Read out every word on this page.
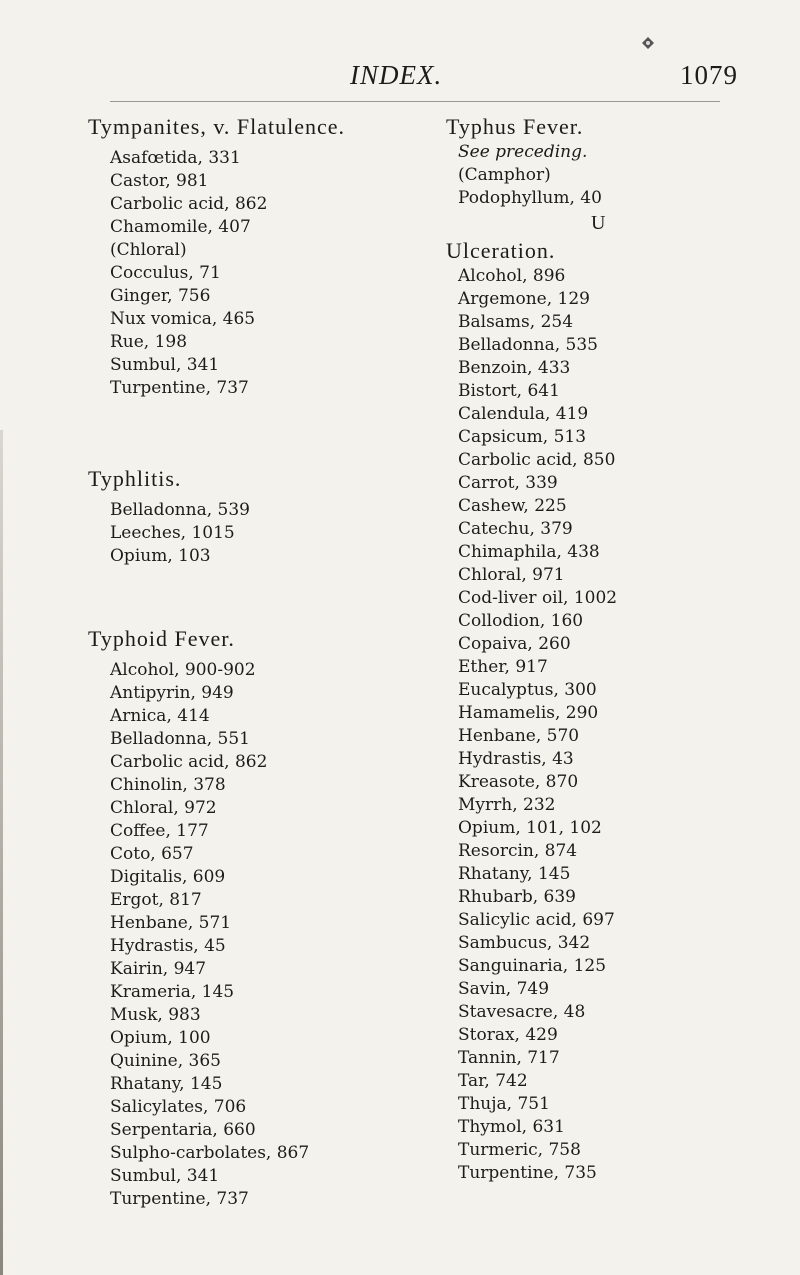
INDEX.	1079
Tympanites, v. Flatulence.
Asafœtida, 331
Castor, 981
Carbolic acid, 862
Chamomile, 407
(Chloral)
Cocculus, 71
Ginger, 756
Nux vomica, 465
Rue, 198
Sumbul, 341
Turpentine, 737
Typhlitis.
Belladonna, 539
Leeches, 1015
Opium, 103
Typhoid Fever.
Alcohol, 900-902
Antipyrin, 949
Arnica, 414
Belladonna, 551
Carbolic acid, 862
Chinolin, 378
Chloral, 972
Coffee, 177
Coto, 657
Digitalis, 609
Ergot, 817
Henbane, 571
Hydrastis, 45
Kairin, 947
Krameria, 145
Musk, 983
Opium, 100
Quinine, 365
Rhatany, 145
Salicylates, 706
Serpentaria, 660
Sulpho-carbolates, 867
Sumbul, 341
Turpentine, 737
Typhus Fever.
See preceding.
(Camphor)
Podophyllum, 40
U
Ulceration.
Alcohol, 896
Argemone, 129
Balsams, 254
Belladonna, 535
Benzoin, 433
Bistort, 641
Calendula, 419
Capsicum, 513
Carbolic acid, 850
Carrot, 339
Cashew, 225
Catechu, 379
Chimaphila, 438
Chloral, 971
Cod-liver oil, 1002
Collodion, 160
Copaiva, 260
Ether, 917
Eucalyptus, 300
Hamamelis, 290
Henbane, 570
Hydrastis, 43
Kreasote, 870
Myrrh, 232
Opium, 101, 102
Resorcin, 874
Rhatany, 145
Rhubarb, 639
Salicylic acid, 697
Sambucus, 342
Sanguinaria, 125
Savin, 749
Stavesacre, 48
Storax, 429
Tannin, 717
Tar, 742
Thuja, 751
Thymol, 631
Turmeric, 758
Turpentine, 735
